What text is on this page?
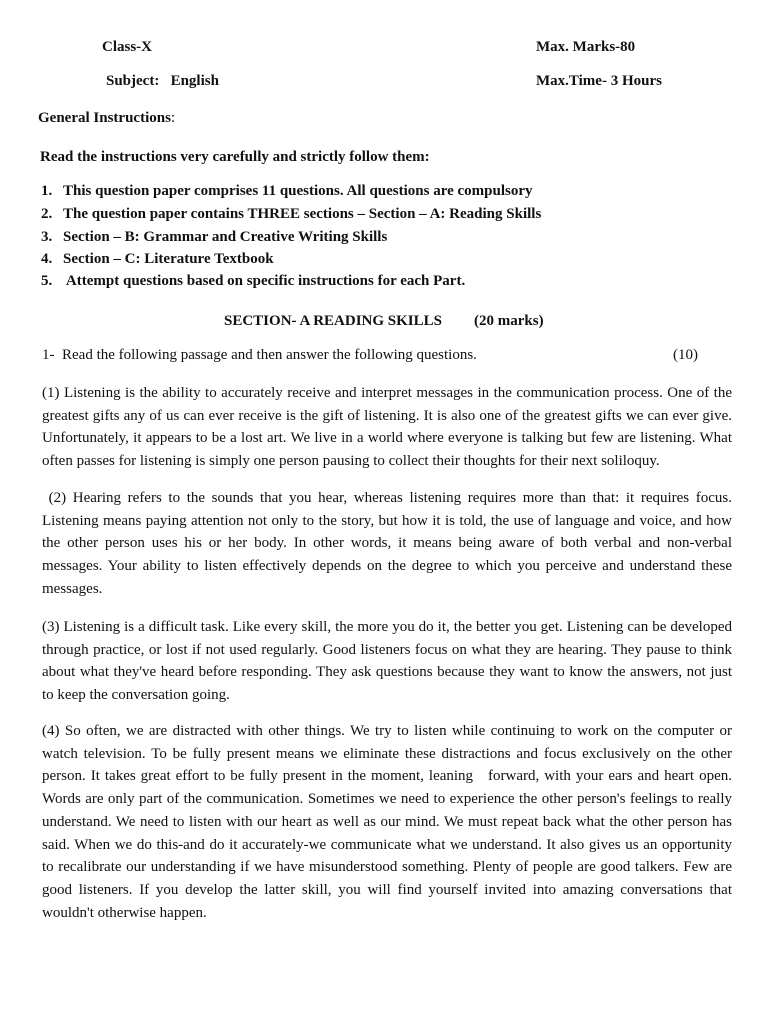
Class-X	Max. Marks-80
Subject:   English	Max.Time- 3 Hours
General Instructions:
Read the instructions very carefully and strictly follow them:
1. This question paper comprises 11 questions. All questions are compulsory
2. The question paper contains THREE sections – Section – A: Reading Skills
3. Section – B: Grammar and Creative Writing Skills
4. Section – C: Literature Textbook
5. Attempt questions based on specific instructions for each Part.
SECTION- A READING SKILLS (20 marks)
1-  Read the following passage and then answer the following questions.	(10)
(1) Listening is the ability to accurately receive and interpret messages in the communication process. One of the greatest gifts any of us can ever receive is the gift of listening. It is also one of the greatest gifts we can ever give. Unfortunately, it appears to be a lost art. We live in a world where everyone is talking but few are listening. What often passes for listening is simply one person pausing to collect their thoughts for their next soliloquy.
(2) Hearing refers to the sounds that you hear, whereas listening requires more than that: it requires focus. Listening means paying attention not only to the story, but how it is told, the use of language and voice, and how the other person uses his or her body. In other words, it means being aware of both verbal and non-verbal messages. Your ability to listen effectively depends on the degree to which you perceive and understand these messages.
(3) Listening is a difficult task. Like every skill, the more you do it, the better you get. Listening can be developed through practice, or lost if not used regularly. Good listeners focus on what they are hearing. They pause to think about what they've heard before responding. They ask questions because they want to know the answers, not just to keep the conversation going.
(4) So often, we are distracted with other things. We try to listen while continuing to work on the computer or watch television. To be fully present means we eliminate these distractions and focus exclusively on the other person. It takes great effort to be fully present in the moment, leaning   forward, with your ears and heart open. Words are only part of the communication. Sometimes we need to experience the other person's feelings to really understand. We need to listen with our heart as well as our mind. We must repeat back what the other person has said. When we do this-and do it accurately-we communicate what we understand. It also gives us an opportunity to recalibrate our understanding if we have misunderstood something. Plenty of people are good talkers. Few are good listeners. If you develop the latter skill, you will find yourself invited into amazing conversations that wouldn't otherwise happen.
